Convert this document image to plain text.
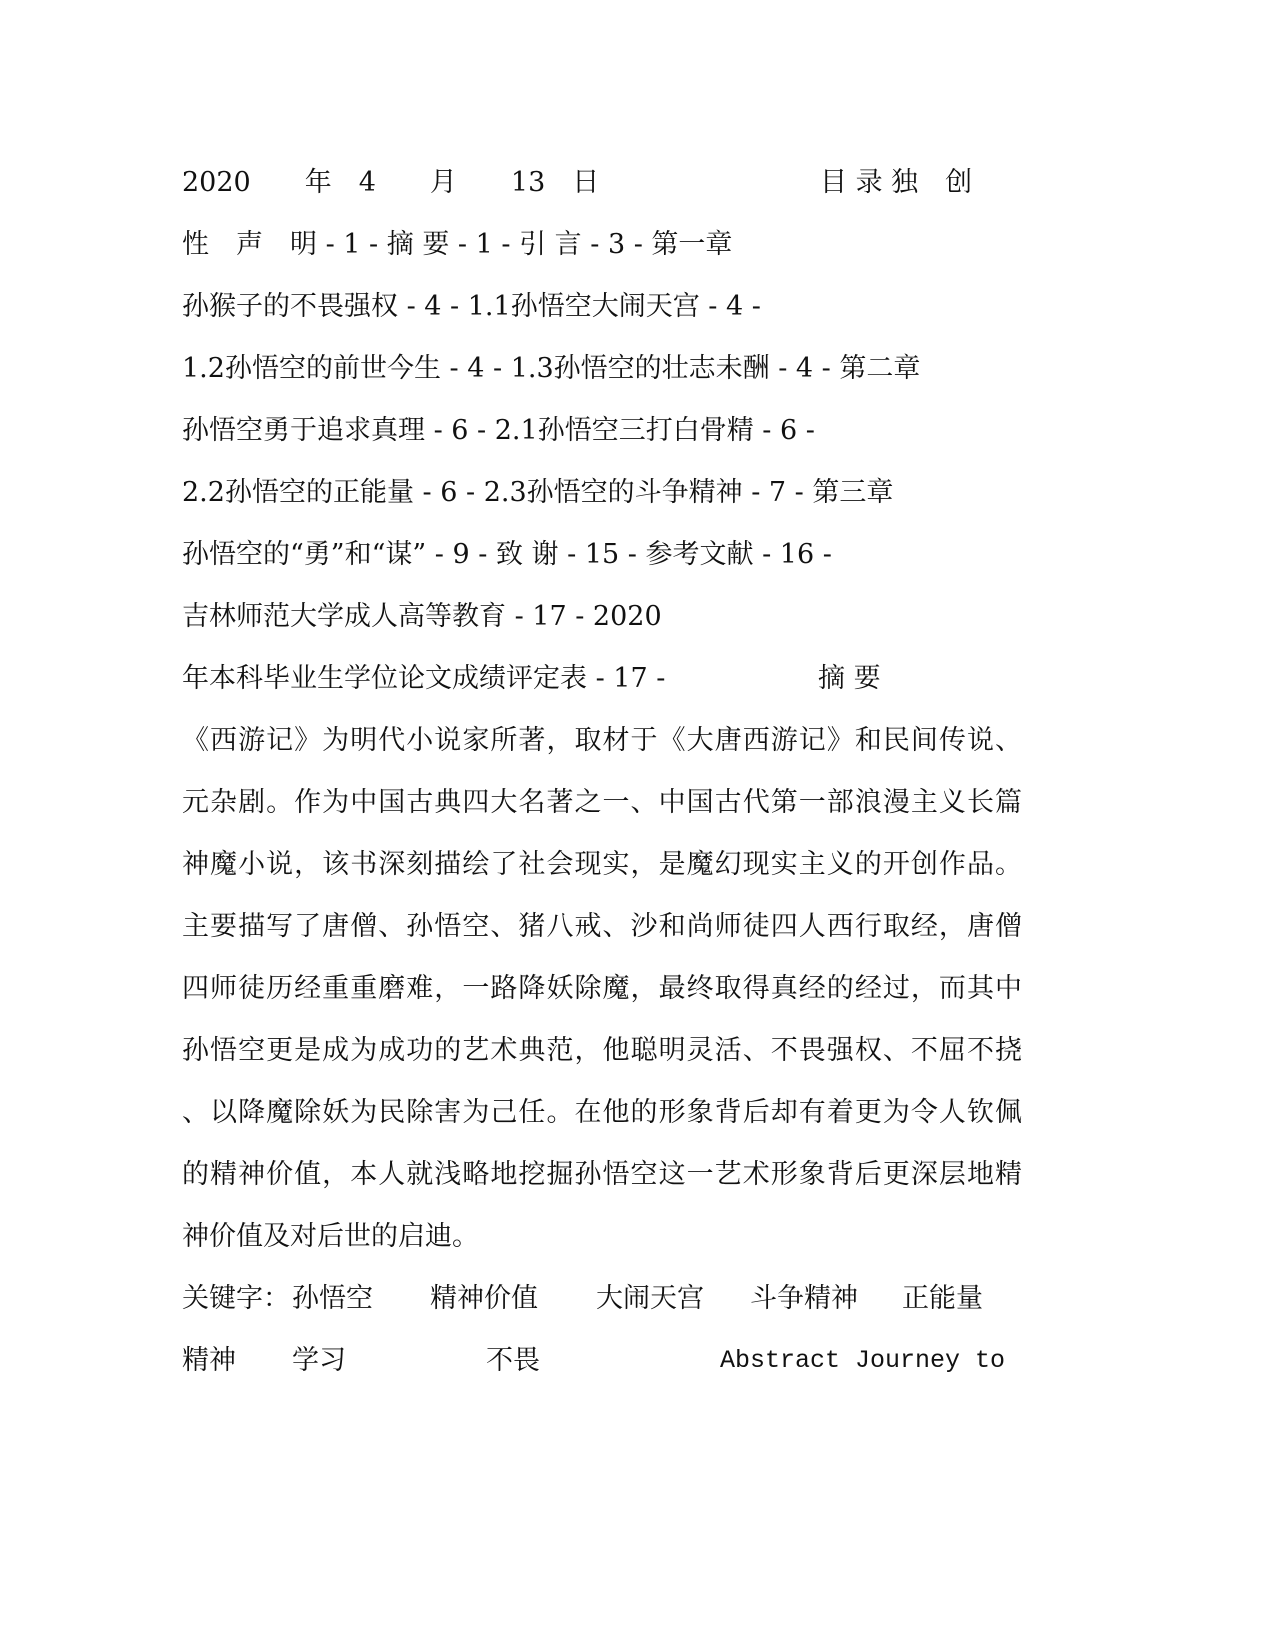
2020　　年　4　　月　　13　日

	目 录 独　创

性　声　明 - 1 - 摘 要 - 1 - 引 言 - 3 - 第一章
孙猴子的不畏强权 - 4 - 1.1孙悟空大闹天宫 - 4 -
1.2孙悟空的前世今生 - 4 - 1.3孙悟空的壮志未酬 - 4 - 第二章
孙悟空勇于追求真理 - 6 - 2.1孙悟空三打白骨精 - 6 -
2.2孙悟空的正能量 - 6 - 2.3孙悟空的斗争精神 - 7 - 第三章
孙悟空的“勇”和“谋” - 9 - 致 谢 - 15 - 参考文献 - 16 -
吉林师范大学成人高等教育 - 17 - 2020

年本科毕业生学位论文成绩评定表 - 17 -

	摘 要

《西游记》为明代小说家所著，取材于《大唐西游记》和民间传说、
元杂剧。作为中国古典四大名著之一、中国古代第一部浪漫主义长篇
神魔小说，该书深刻描绘了社会现实，是魔幻现实主义的开创作品。
主要描写了唐僧、孙悟空、猪八戒、沙和尚师徒四人西行取经，唐僧
四师徒历经重重磨难，一路降妖除魔，最终取得真经的经过，而其中
孙悟空更是成为成功的艺术典范，他聪明灵活、不畏强权、不屈不挠
、以降魔除妖为民除害为己任。在他的形象背后却有着更为令人钦佩
的精神价值，本人就浅略地挖掘孙悟空这一艺术形象背后更深层地精
神价值及对后世的启迪。

关键字：

孙悟空

精神价值

大闹天宫

斗争精神

正能量

精神

学习

	不畏

	Abstract Journey to
